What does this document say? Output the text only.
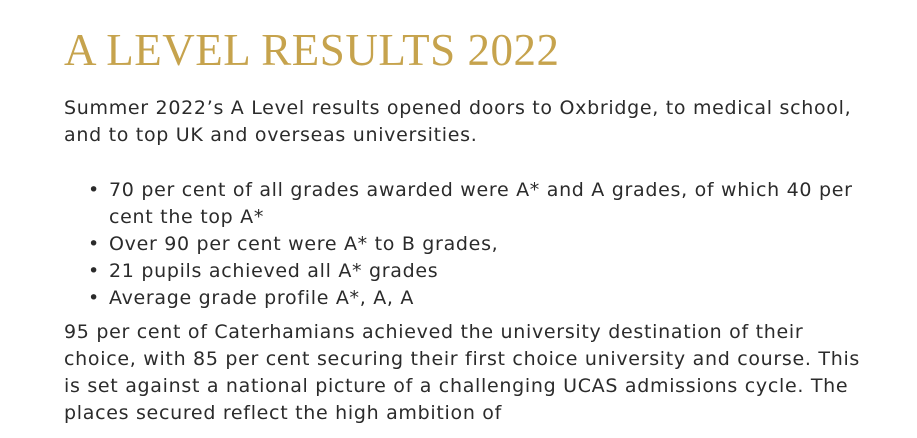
A LEVEL RESULTS 2022

Summer 2022’s A Level results opened doors to Oxbridge, to medical school, and to top UK and overseas universities.

• 70 per cent of all grades awarded were A* and A grades, of which 40 per cent the top A*
• Over 90 per cent were A* to B grades,
• 21 pupils achieved all A* grades
• Average grade profile A*, A, A

95 per cent of Caterhamians achieved the university destination of their choice, with 85 per cent securing their first choice university and course. This is set against a national picture of a challenging UCAS admissions cycle. The places secured reflect the high ambition of
